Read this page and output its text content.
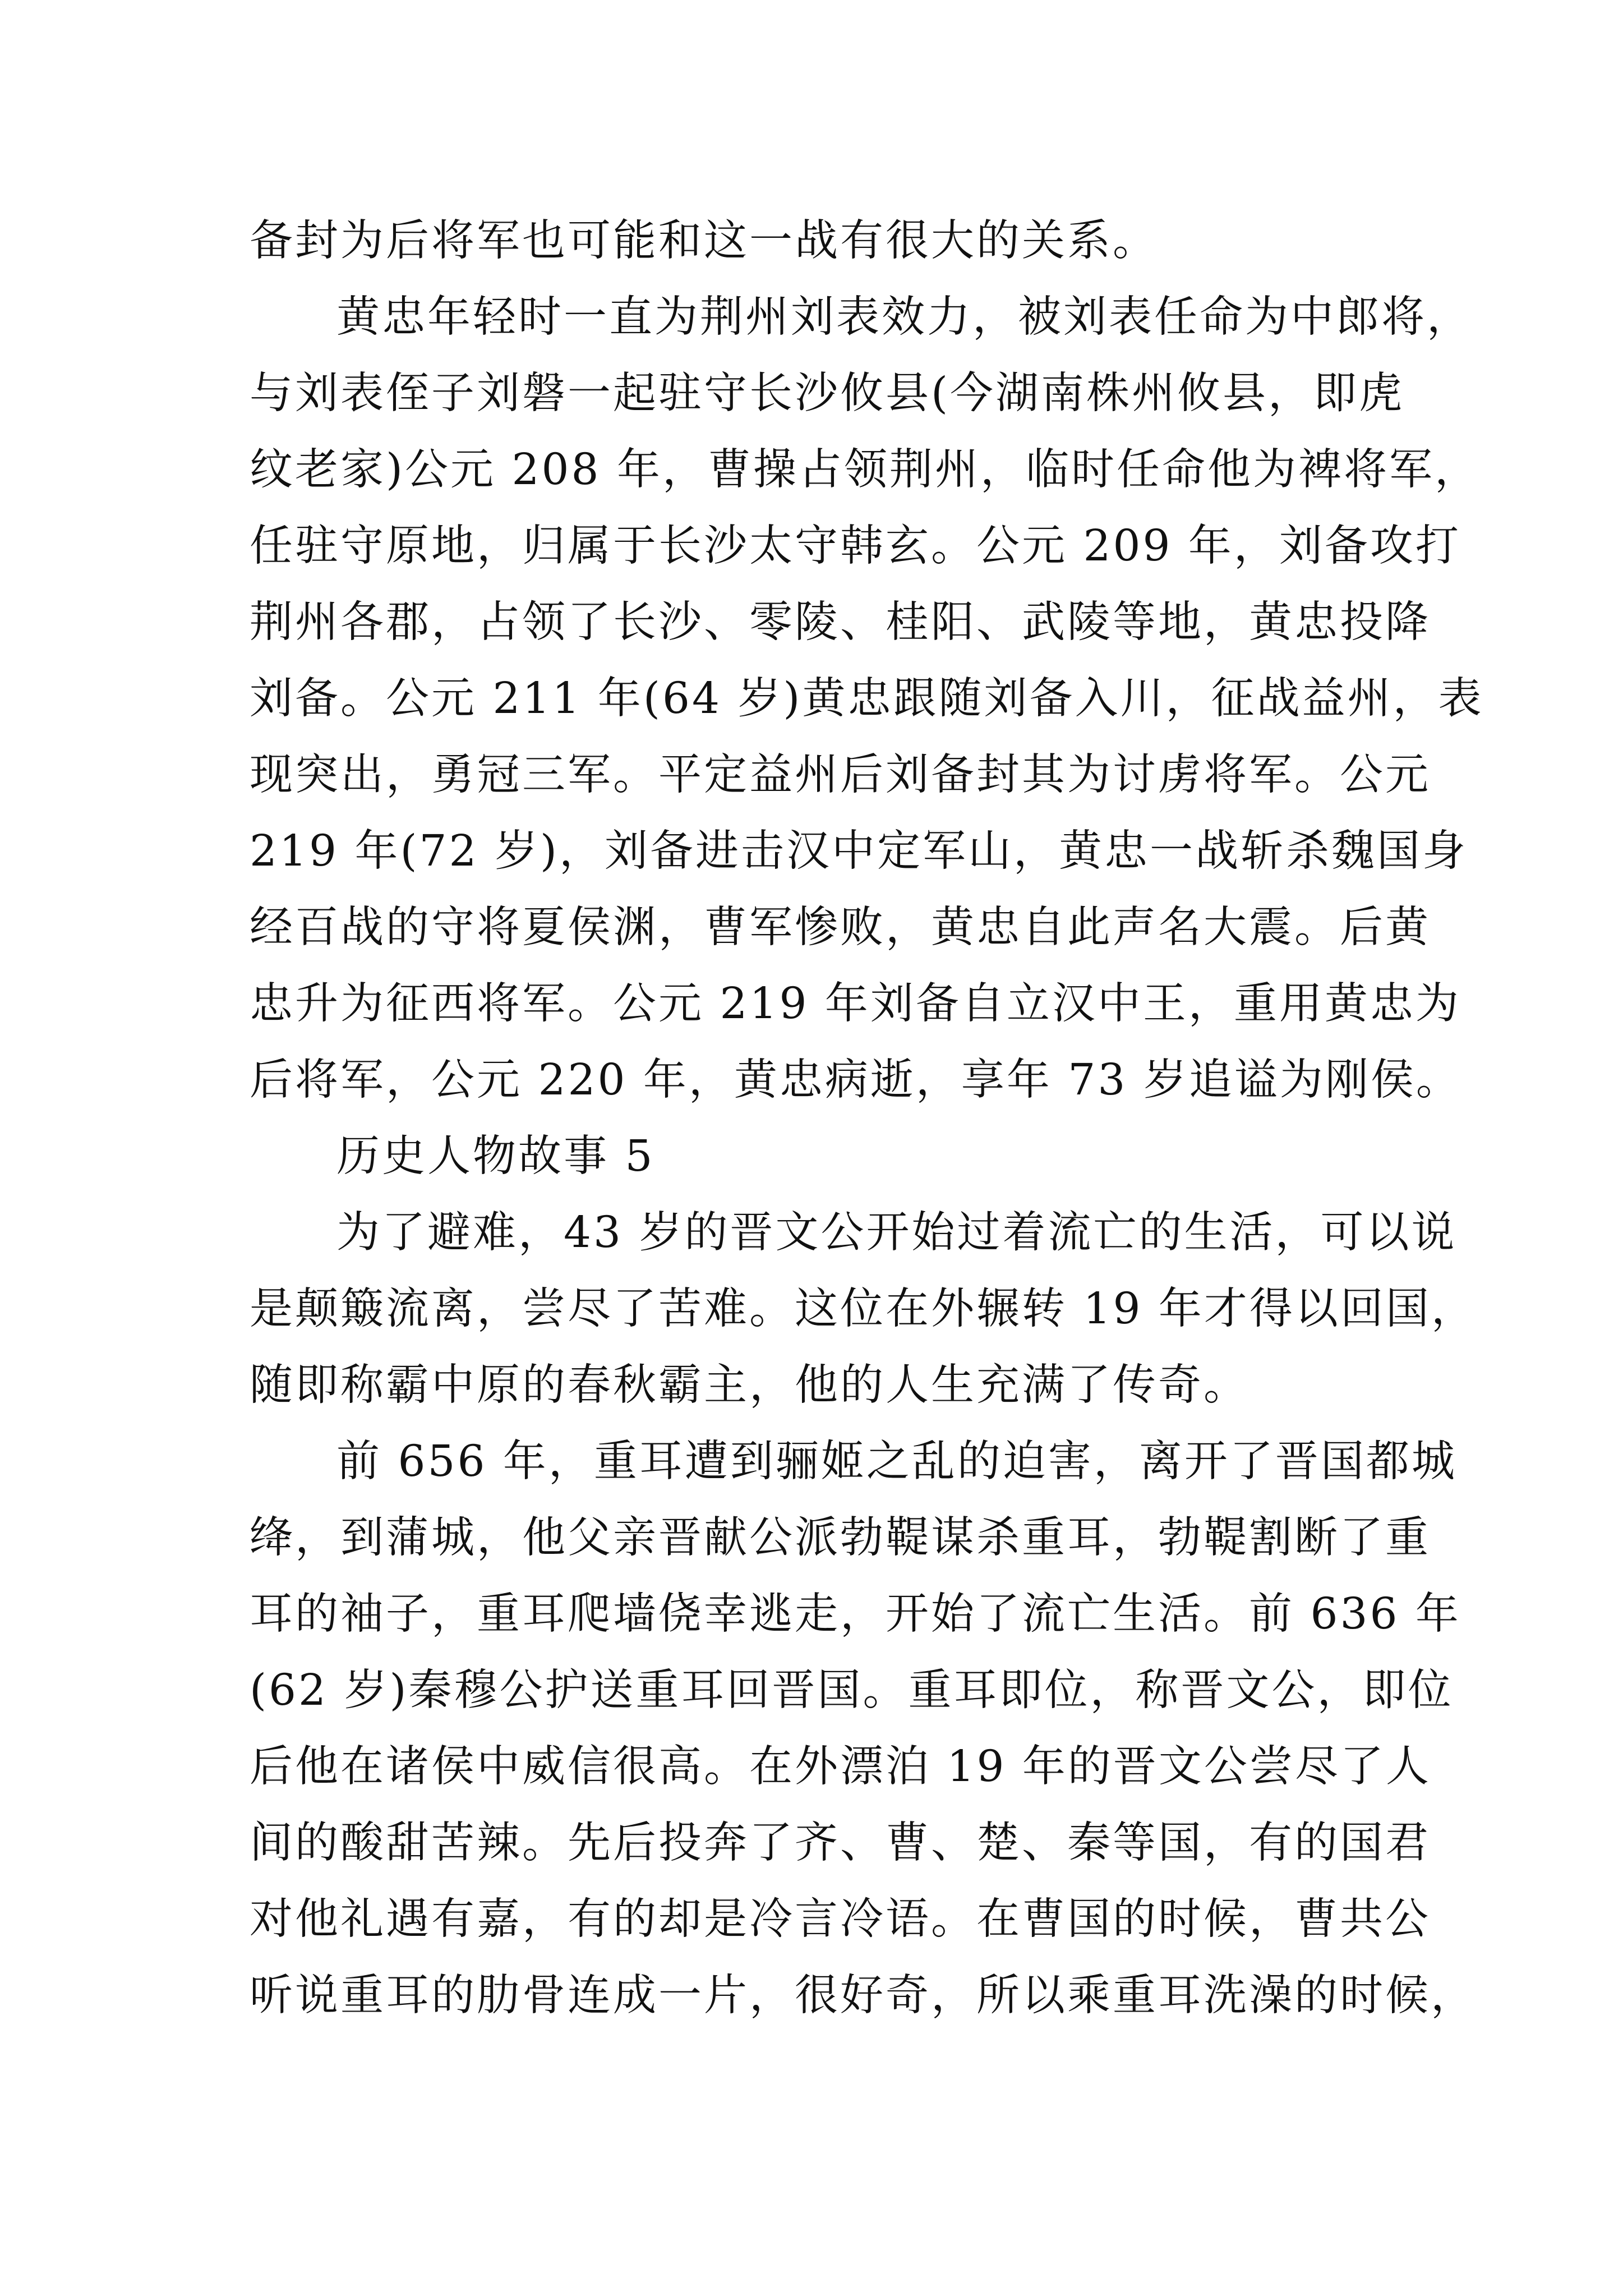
备封为后将军也可能和这一战有很大的关系。
黄忠年轻时一直为荆州刘表效力，被刘表任命为中郎将，
与刘表侄子刘磐一起驻守长沙攸县(今湖南株州攸县，即虎
纹老家)公元 208 年，曹操占领荆州，临时任命他为裨将军，
任驻守原地，归属于长沙太守韩玄。公元 209 年，刘备攻打
荆州各郡，占领了长沙、零陵、桂阳、武陵等地，黄忠投降
刘备。公元 211 年(64 岁)黄忠跟随刘备入川，征战益州，表
现突出，勇冠三军。平定益州后刘备封其为讨虏将军。公元
219 年(72 岁)，刘备进击汉中定军山，黄忠一战斩杀魏国身
经百战的守将夏侯渊，曹军惨败，黄忠自此声名大震。后黄
忠升为征西将军。公元 219 年刘备自立汉中王，重用黄忠为
后将军，公元 220 年，黄忠病逝，享年 73 岁追谥为刚侯。
历史人物故事 5
为了避难，43 岁的晋文公开始过着流亡的生活，可以说
是颠簸流离，尝尽了苦难。这位在外辗转 19 年才得以回国，
随即称霸中原的春秋霸主，他的人生充满了传奇。
前 656 年，重耳遭到骊姬之乱的迫害，离开了晋国都城
绛，到蒲城，他父亲晋献公派勃鞮谋杀重耳，勃鞮割断了重
耳的袖子，重耳爬墙侥幸逃走，开始了流亡生活。前 636 年
(62 岁)秦穆公护送重耳回晋国。重耳即位，称晋文公，即位
后他在诸侯中威信很高。在外漂泊 19 年的晋文公尝尽了人
间的酸甜苦辣。先后投奔了齐、曹、楚、秦等国，有的国君
对他礼遇有嘉，有的却是冷言冷语。在曹国的时候，曹共公
听说重耳的肋骨连成一片，很好奇，所以乘重耳洗澡的时候，
